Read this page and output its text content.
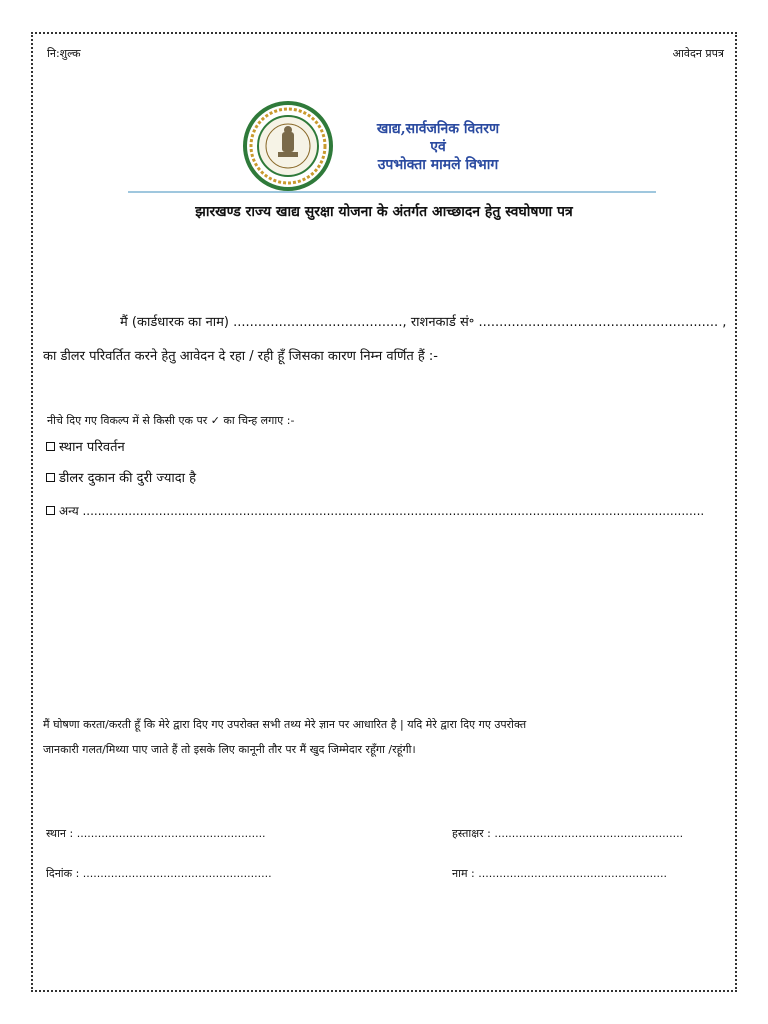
नि:शुल्क	आवेदन प्रपत्र
खाद्य,सार्वजनिक वितरण
एवं
उपभोक्ता मामले विभाग
झारखण्ड राज्य खाद्य सुरक्षा योजना के अंतर्गत आच्छादन हेतु स्वघोषणा पत्र
मैं (कार्डधारक का नाम) ........................................., राशनकार्ड सं॰ .......................................................... ,
का डीलर परिवर्तित करने हेतु आवेदन दे रहा / रही हूँ जिसका कारण निम्न वर्णित हैं :-
नीचे दिए गए विकल्प में से किसी एक पर ✓ का चिन्ह लगाए :-
स्थान परिवर्तन
डीलर दुकान की दुरी ज्यादा है
अन्य ...................................................................................................................................................................
मैं घोषणा करता/करती हूँ कि मेरे द्वारा दिए गए उपरोक्त सभी तथ्य मेरे ज्ञान पर आधारित है | यदि मेरे द्वारा दिए गए उपरोक्त
जानकारी गलत/मिथ्या पाए जाते हैं तो इसके लिए कानूनी तौर पर मैं खुद जिम्मेदार रहूँगा /रहूंगी।
स्थान : ......................................................	हस्ताक्षर : ......................................................
दिनांक : ......................................................	नाम : ......................................................
